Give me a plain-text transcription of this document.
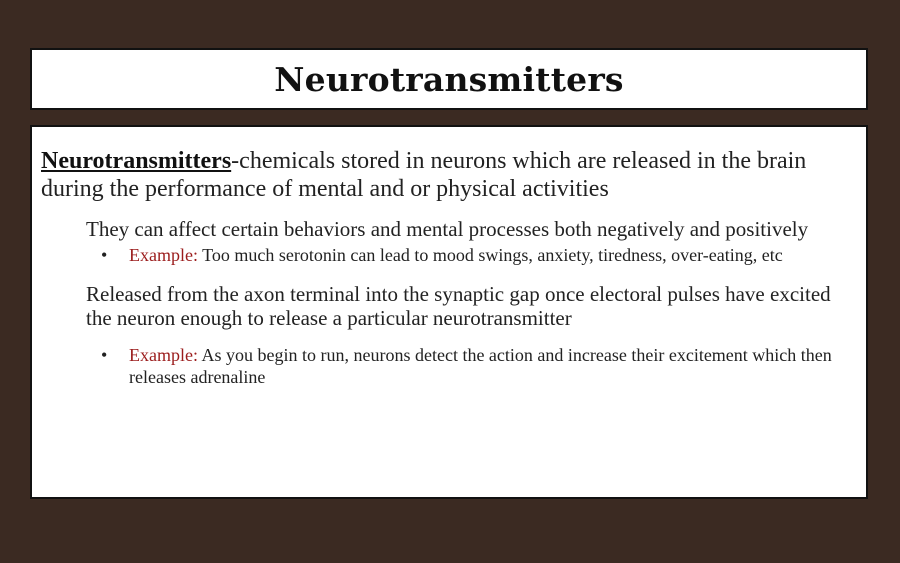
Neurotransmitters

Neurotransmitters-chemicals stored in neurons which are released in the brain during the performance of mental and or physical activities

They can affect certain behaviors and mental processes both negatively and positively

•	Example: Too much serotonin can lead to mood swings, anxiety, tiredness, over-eating, etc

Released from the axon terminal into the synaptic gap once electoral pulses have excited the neuron enough to release a particular neurotransmitter

•	Example: As you begin to run, neurons detect the action and increase their excitement which then releases adrenaline
